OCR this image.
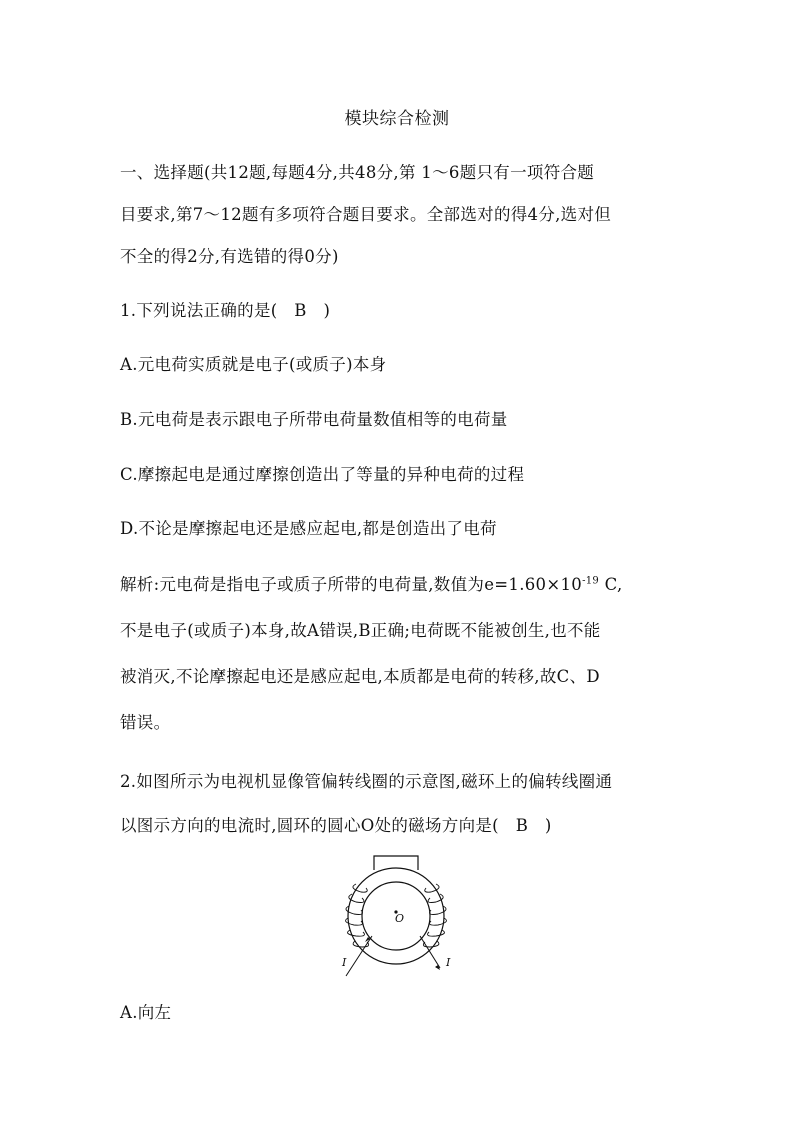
模块综合检测
一、选择题(共12题,每题4分,共48分,第 1～6题只有一项符合题
目要求,第7～12题有多项符合题目要求。全部选对的得4分,选对但
不全的得2分,有选错的得0分)
1.下列说法正确的是(　B　)
A.元电荷实质就是电子(或质子)本身
B.元电荷是表示跟电子所带电荷量数值相等的电荷量
C.摩擦起电是通过摩擦创造出了等量的异种电荷的过程
D.不论是摩擦起电还是感应起电,都是创造出了电荷
解析:元电荷是指电子或质子所带的电荷量,数值为$e=1.60\times 10^{-19}$ C,
不是电子(或质子)本身,故A错误,B正确;电荷既不能被创生,也不能
被消灭,不论摩擦起电还是感应起电,本质都是电荷的转移,故C、D
错误。
2.如图所示为电视机显像管偏转线圈的示意图,磁环上的偏转线圈通
以图示方向的电流时,圆环的圆心O处的磁场方向是(　B　)
O
I	I
A.向左
